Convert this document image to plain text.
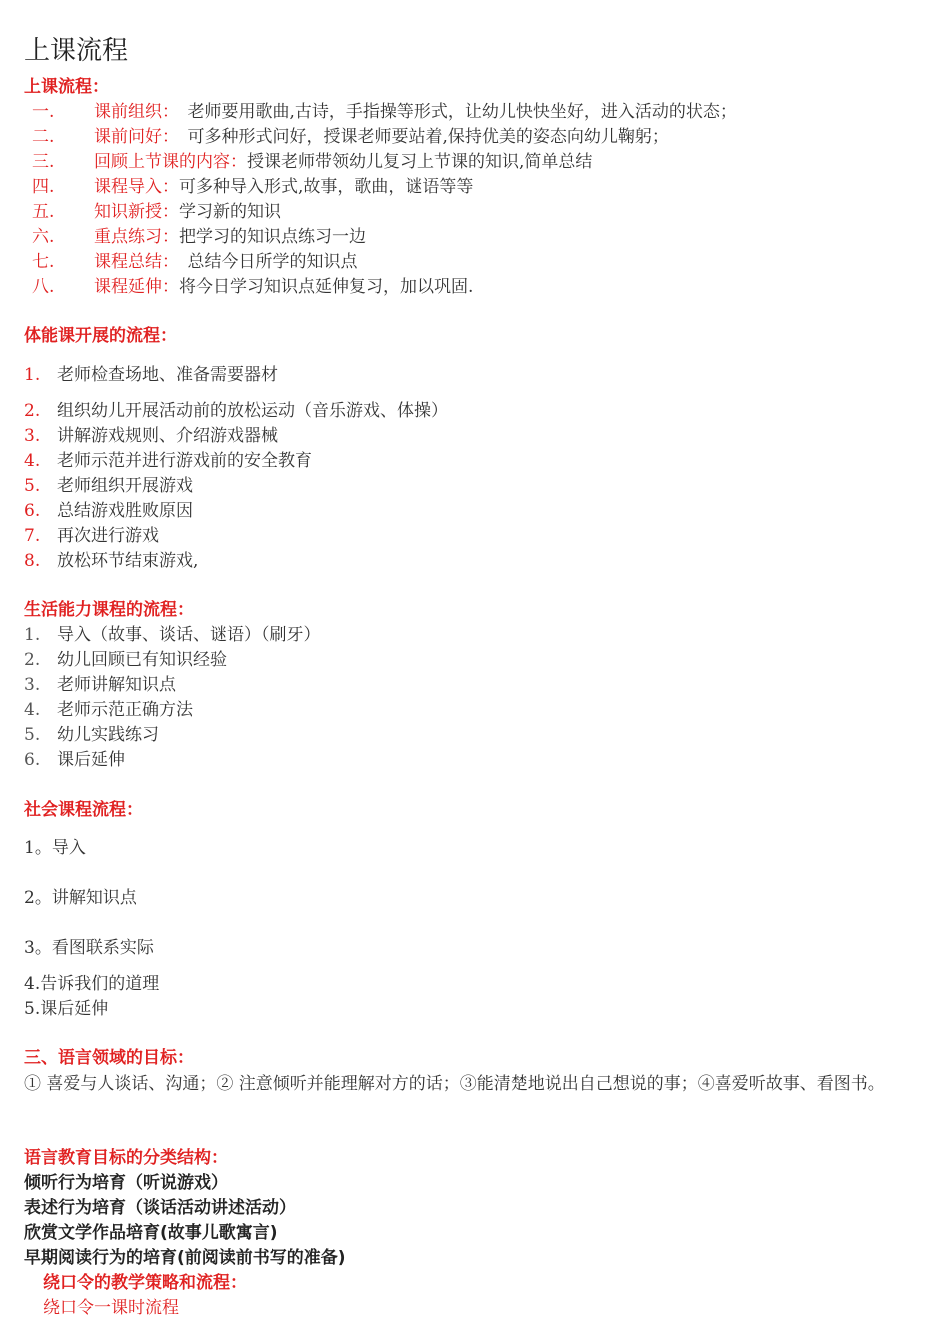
上课流程
上课流程：
一. 课前组织：　老师要用歌曲,古诗，手指操等形式，让幼儿快快坐好，进入活动的状态；
二. 课前问好：　可多种形式问好，授课老师要站着,保持优美的姿态向幼儿鞠躬；
三. 回顾上节课的内容：授课老师带领幼儿复习上节课的知识,简单总结
四. 课程导入：可多种导入形式,故事，歌曲，谜语等等
五. 知识新授：学习新的知识
六. 重点练习：把学习的知识点练习一边
七. 课程总结：　总结今日所学的知识点
八. 课程延伸：将今日学习知识点延伸复习，加以巩固.
体能课开展的流程：
1. 老师检查场地、准备需要器材
2. 组织幼儿开展活动前的放松运动（音乐游戏、体操）
3. 讲解游戏规则、介绍游戏器械
4. 老师示范并进行游戏前的安全教育
5. 老师组织开展游戏
6. 总结游戏胜败原因
7. 再次进行游戏
8. 放松环节结束游戏,
生活能力课程的流程：
1. 导入（故事、谈话、谜语）（刷牙）
2. 幼儿回顾已有知识经验
3. 老师讲解知识点
4. 老师示范正确方法
5. 幼儿实践练习
6. 课后延伸
社会课程流程：
1。导入
2。讲解知识点
3。看图联系实际
4.告诉我们的道理
5.课后延伸
三、语言领域的目标：
① 喜爱与人谈话、沟通；② 注意倾听并能理解对方的话；③能清楚地说出自己想说的事；④喜爱听故事、看图书。
语言教育目标的分类结构：
倾听行为培育（听说游戏）
表述行为培育（谈话活动讲述活动）
欣赏文学作品培育(故事儿歌寓言)
早期阅读行为的培育(前阅读前书写的准备)
绕口令的教学策略和流程：
绕口令一课时流程
